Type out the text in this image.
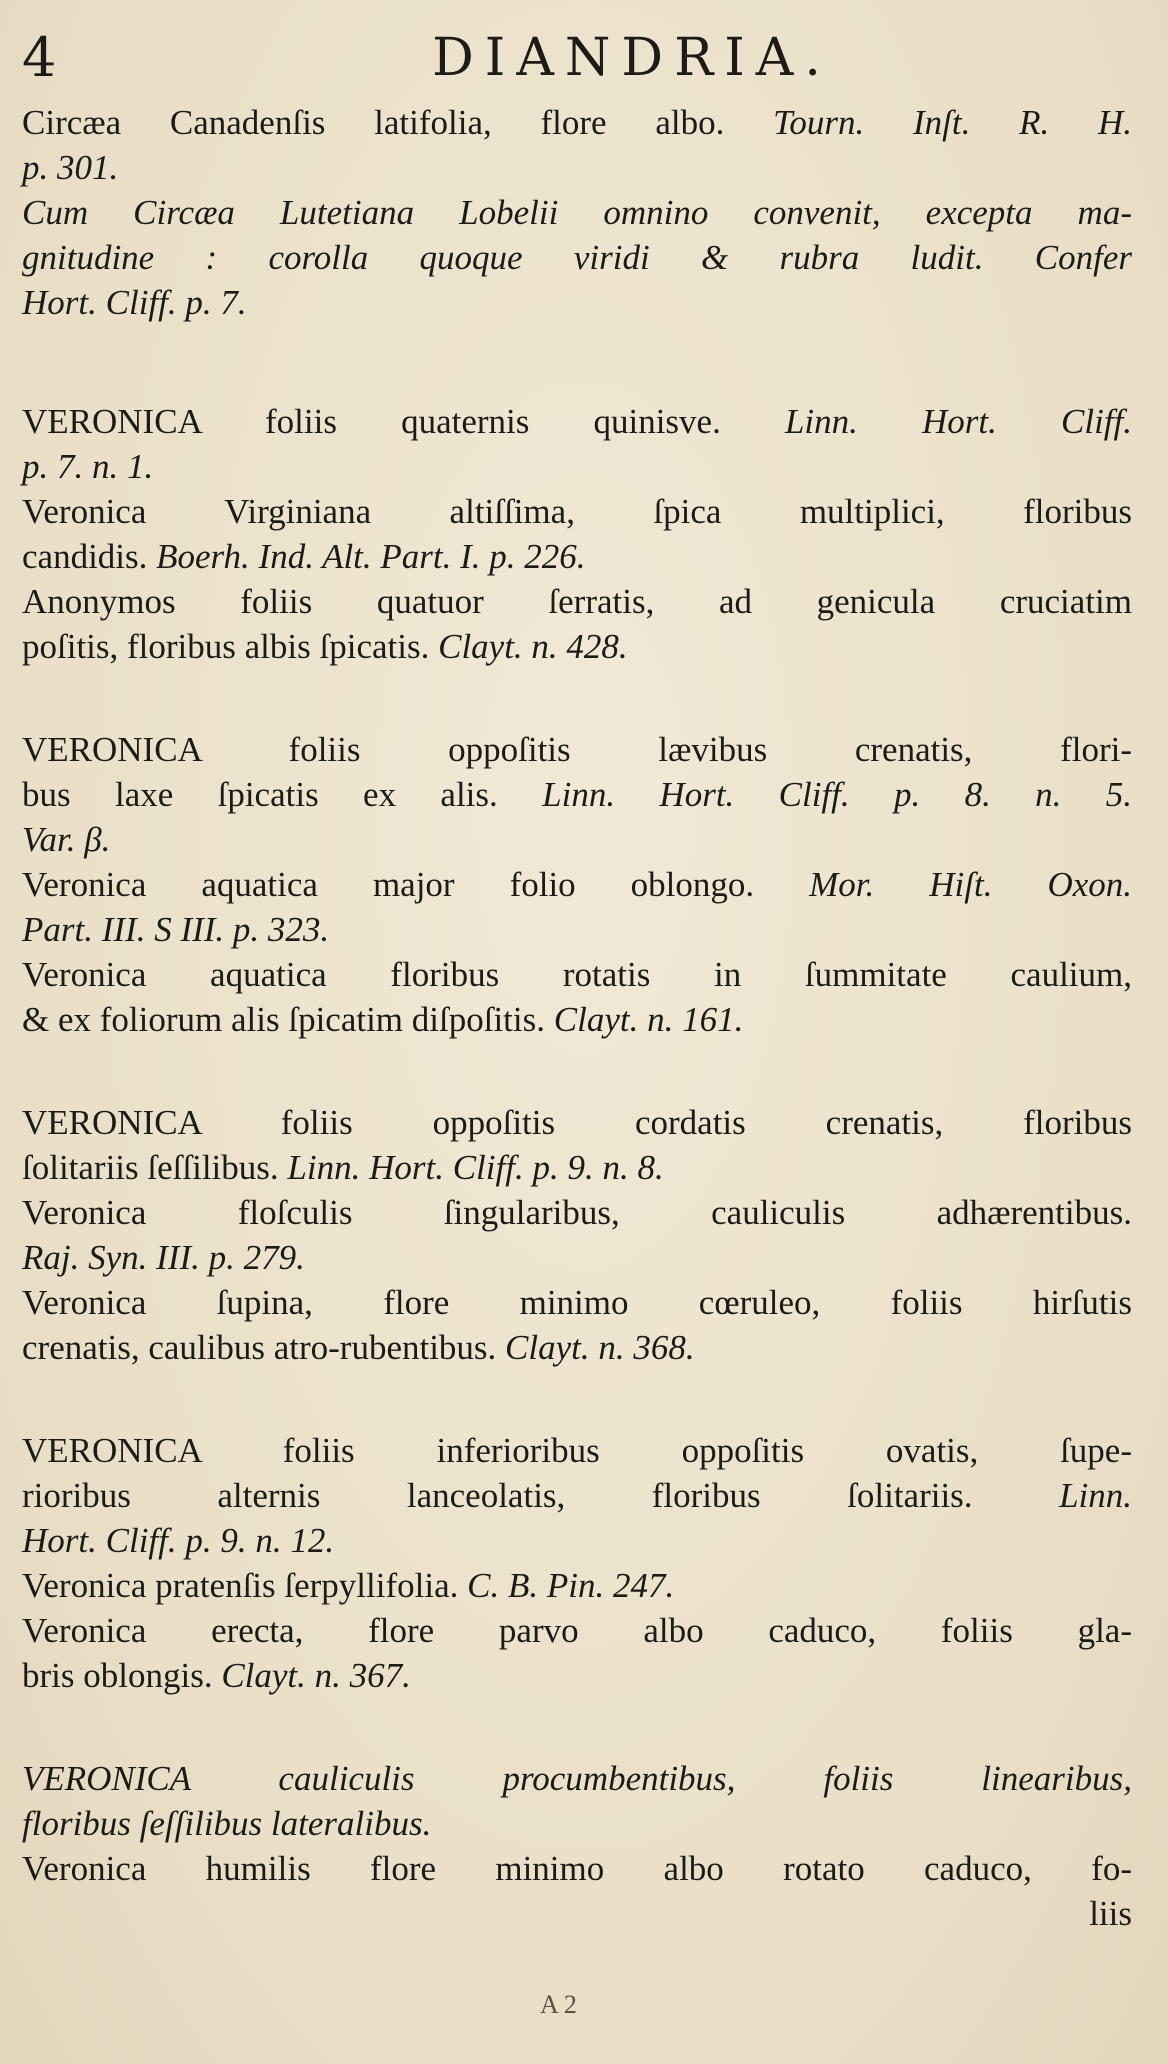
4	DIANDRIA.
Circæa Canadenſis latifolia, flore albo. Tourn. Inſt. R. H.
p. 301.
Cum Circæa Lutetiana Lobelii omnino convenit, excepta ma-
gnitudine : corolla quoque viridi & rubra ludit. Confer
Hort. Cliff. p. 7.
VERONICA foliis quaternis quinisve. Linn. Hort. Cliff.
p. 7. n. 1.
Veronica Virginiana altiſſima, ſpica multiplici, floribus
candidis. Boerh. Ind. Alt. Part. I. p. 226.
Anonymos foliis quatuor ſerratis, ad genicula cruciatim
poſitis, floribus albis ſpicatis. Clayt. n. 428.
VERONICA foliis oppoſitis lævibus crenatis, flori-
bus laxe ſpicatis ex alis. Linn. Hort. Cliff. p. 8. n. 5.
Var. β.
Veronica aquatica major folio oblongo. Mor. Hiſt. Oxon.
Part. III. S III. p. 323.
Veronica aquatica floribus rotatis in ſummitate caulium,
& ex foliorum alis ſpicatim diſpoſitis. Clayt. n. 161.
VERONICA foliis oppoſitis cordatis crenatis, floribus
ſolitariis ſeſſilibus. Linn. Hort. Cliff. p. 9. n. 8.
Veronica floſculis ſingularibus, cauliculis adhærentibus.
Raj. Syn. III. p. 279.
Veronica ſupina, flore minimo cœruleo, foliis hirſutis
crenatis, caulibus atro-rubentibus. Clayt. n. 368.
VERONICA foliis inferioribus oppoſitis ovatis, ſupe-
rioribus alternis lanceolatis, floribus ſolitariis. Linn.
Hort. Cliff. p. 9. n. 12.
Veronica pratenſis ſerpyllifolia. C. B. Pin. 247.
Veronica erecta, flore parvo albo caduco, foliis gla-
bris oblongis. Clayt. n. 367.
VERONICA cauliculis procumbentibus, foliis linearibus,
floribus ſeſſilibus lateralibus.
Veronica humilis flore minimo albo rotato caduco, fo-
liis
A 2
